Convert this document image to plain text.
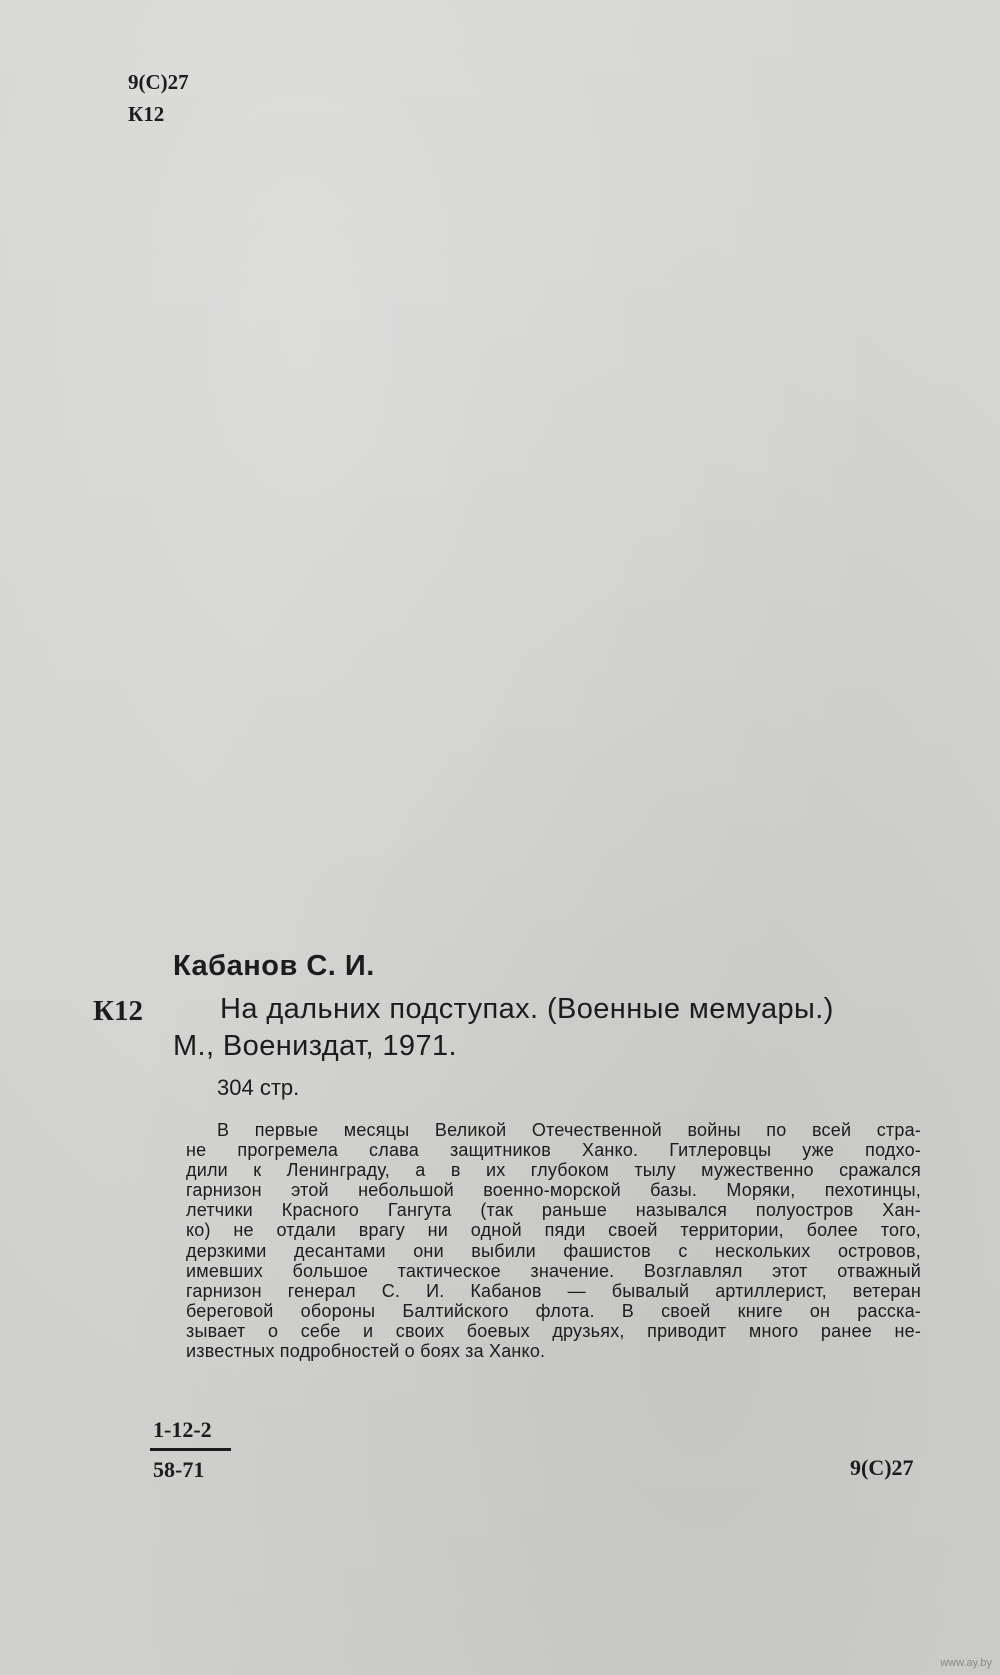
9(С)27
К12
Кабанов С. И.
К12	На дальних подступах. (Военные мемуары.)
М., Воениздат, 1971.
304 стр.
В первые месяцы Великой Отечественной войны по всей стра-
не прогремела слава защитников Ханко. Гитлеровцы уже подхо-
дили к Ленинграду, а в их глубоком тылу мужественно сражался
гарнизон этой небольшой военно-морской базы. Моряки, пехотинцы,
летчики Красного Гангута (так раньше назывался полуостров Хан-
ко) не отдали врагу ни одной пяди своей территории, более того,
дерзкими десантами они выбили фашистов с нескольких островов,
имевших большое тактическое значение. Возглавлял этот отважный
гарнизон генерал С. И. Кабанов — бывалый артиллерист, ветеран
береговой обороны Балтийского флота. В своей книге он расска-
зывает о себе и своих боевых друзьях, приводит много ранее не-
известных подробностей о боях за Ханко.
1-12-2
58-71	9(С)27
www.ay.by
